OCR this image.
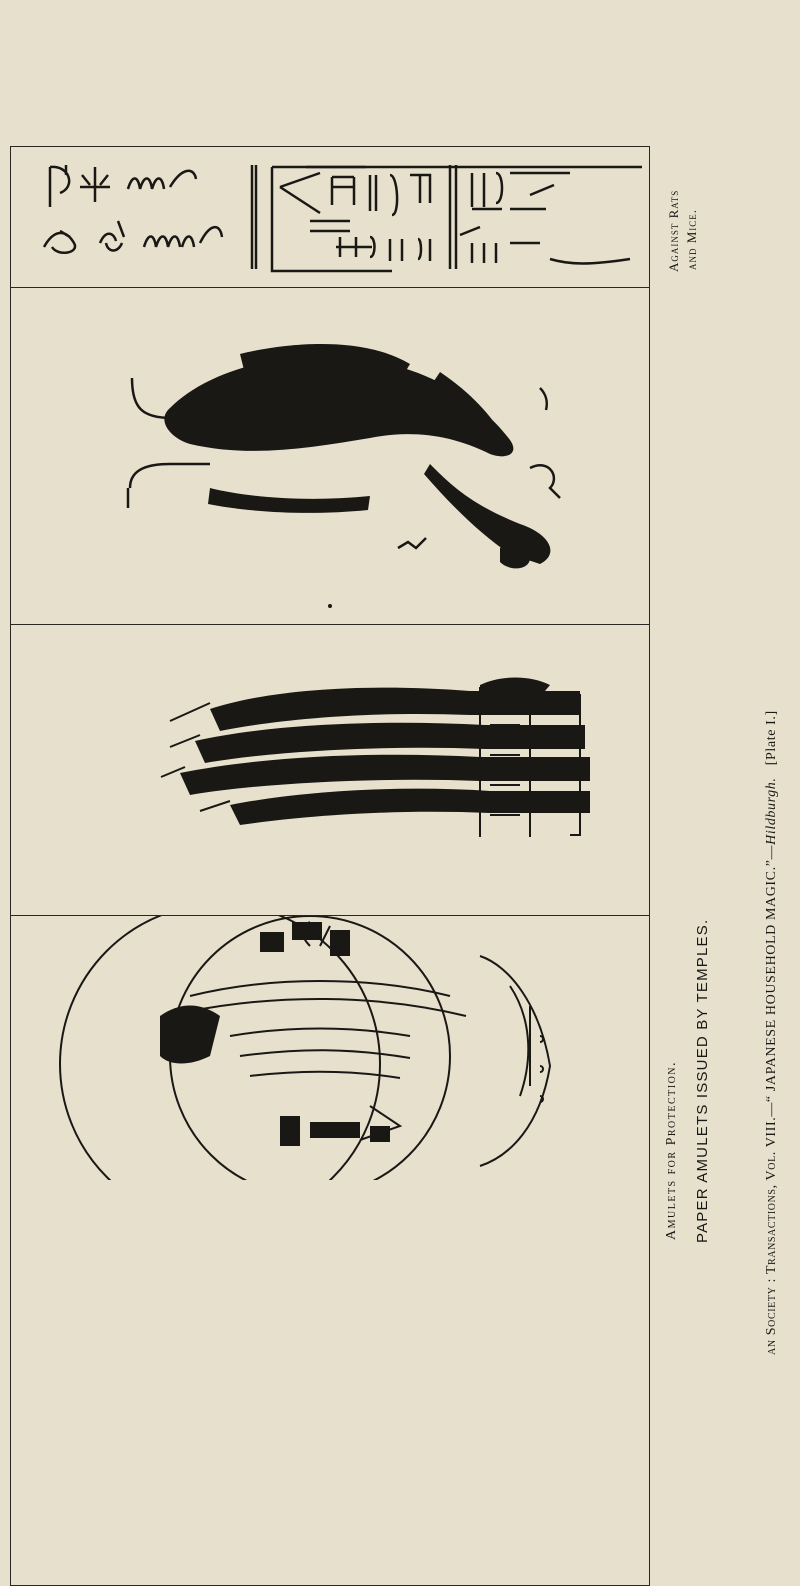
Against Rats and Mice.
Amulets for Protection. PAPER AMULETS ISSUED BY TEMPLES.	an Society : Transactions, Vol. VIII.—“ JAPANESE HOUSEHOLD MAGIC.”—Hildburgh.   [Plate I.]
